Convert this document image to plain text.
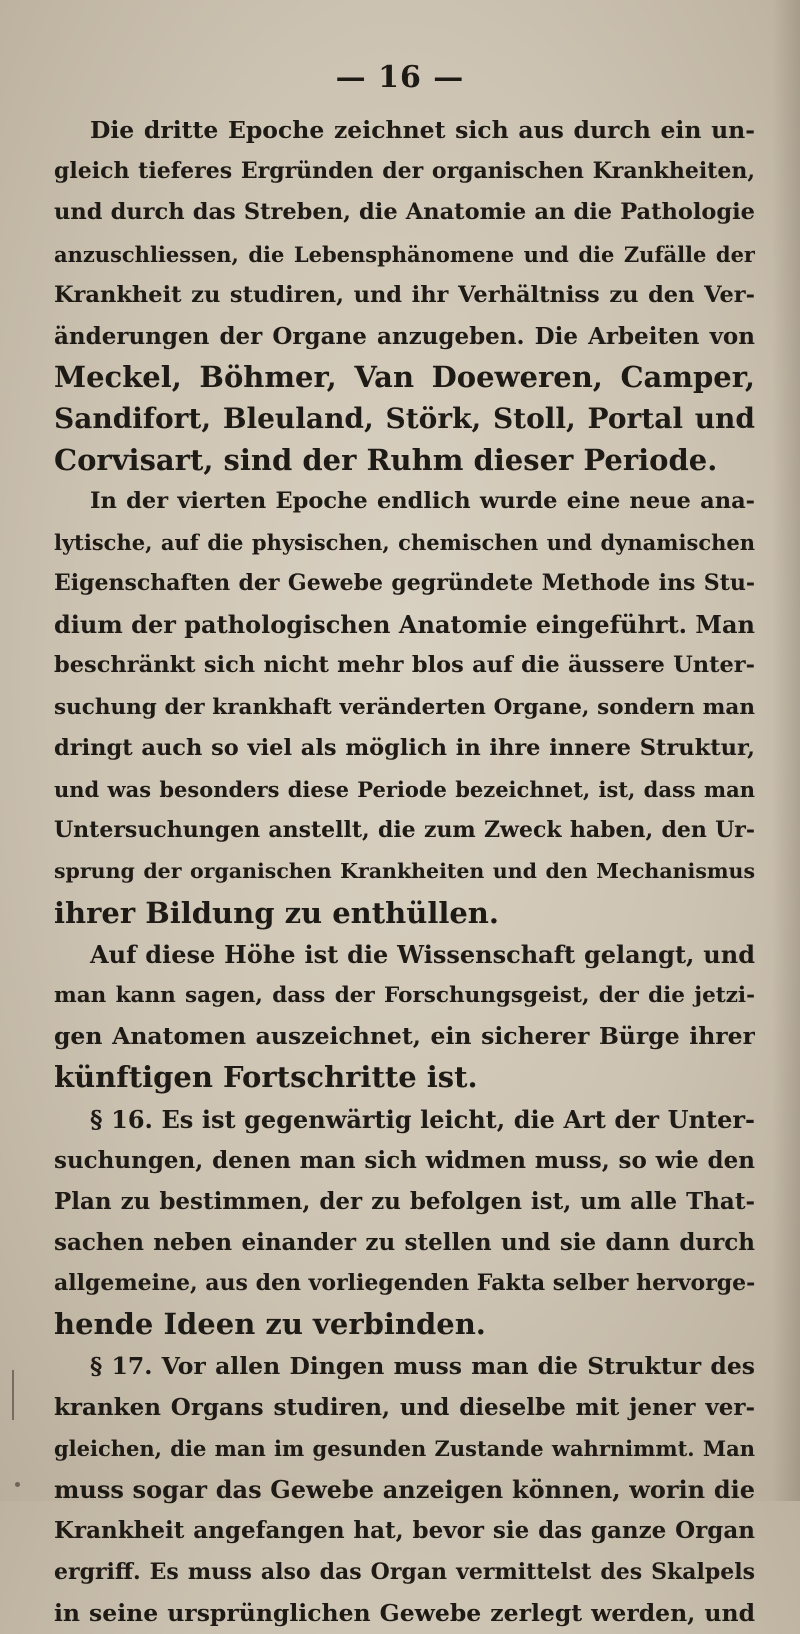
— 16 —
Die dritte Epoche zeichnet sich aus durch ein un-
gleich tieferes Ergründen der organischen Krankheiten,
und durch das Streben, die Anatomie an die Pathologie
anzuschliessen, die Lebensphänomene und die Zufälle der
Krankheit zu studiren, und ihr Verhältniss zu den Ver-
änderungen der Organe anzugeben. Die Arbeiten von
Meckel, Böhmer, Van Doeweren, Camper,
Sandifort, Bleuland, Störk, Stoll, Portal und
Corvisart, sind der Ruhm dieser Periode.
In der vierten Epoche endlich wurde eine neue ana-
lytische, auf die physischen, chemischen und dynamischen
Eigenschaften der Gewebe gegründete Methode ins Stu-
dium der pathologischen Anatomie eingeführt. Man
beschränkt sich nicht mehr blos auf die äussere Unter-
suchung der krankhaft veränderten Organe, sondern man
dringt auch so viel als möglich in ihre innere Struktur,
und was besonders diese Periode bezeichnet, ist, dass man
Untersuchungen anstellt, die zum Zweck haben, den Ur-
sprung der organischen Krankheiten und den Mechanismus
ihrer Bildung zu enthüllen.
Auf diese Höhe ist die Wissenschaft gelangt, und
man kann sagen, dass der Forschungsgeist, der die jetzi-
gen Anatomen auszeichnet, ein sicherer Bürge ihrer
künftigen Fortschritte ist.
§ 16. Es ist gegenwärtig leicht, die Art der Unter-
suchungen, denen man sich widmen muss, so wie den
Plan zu bestimmen, der zu befolgen ist, um alle That-
sachen neben einander zu stellen und sie dann durch
allgemeine, aus den vorliegenden Fakta selber hervorge-
hende Ideen zu verbinden.
§ 17. Vor allen Dingen muss man die Struktur des
kranken Organs studiren, und dieselbe mit jener ver-
gleichen, die man im gesunden Zustande wahrnimmt. Man
muss sogar das Gewebe anzeigen können, worin die
Krankheit angefangen hat, bevor sie das ganze Organ
ergriff. Es muss also das Organ vermittelst des Skalpels
in seine ursprünglichen Gewebe zerlegt werden, und
